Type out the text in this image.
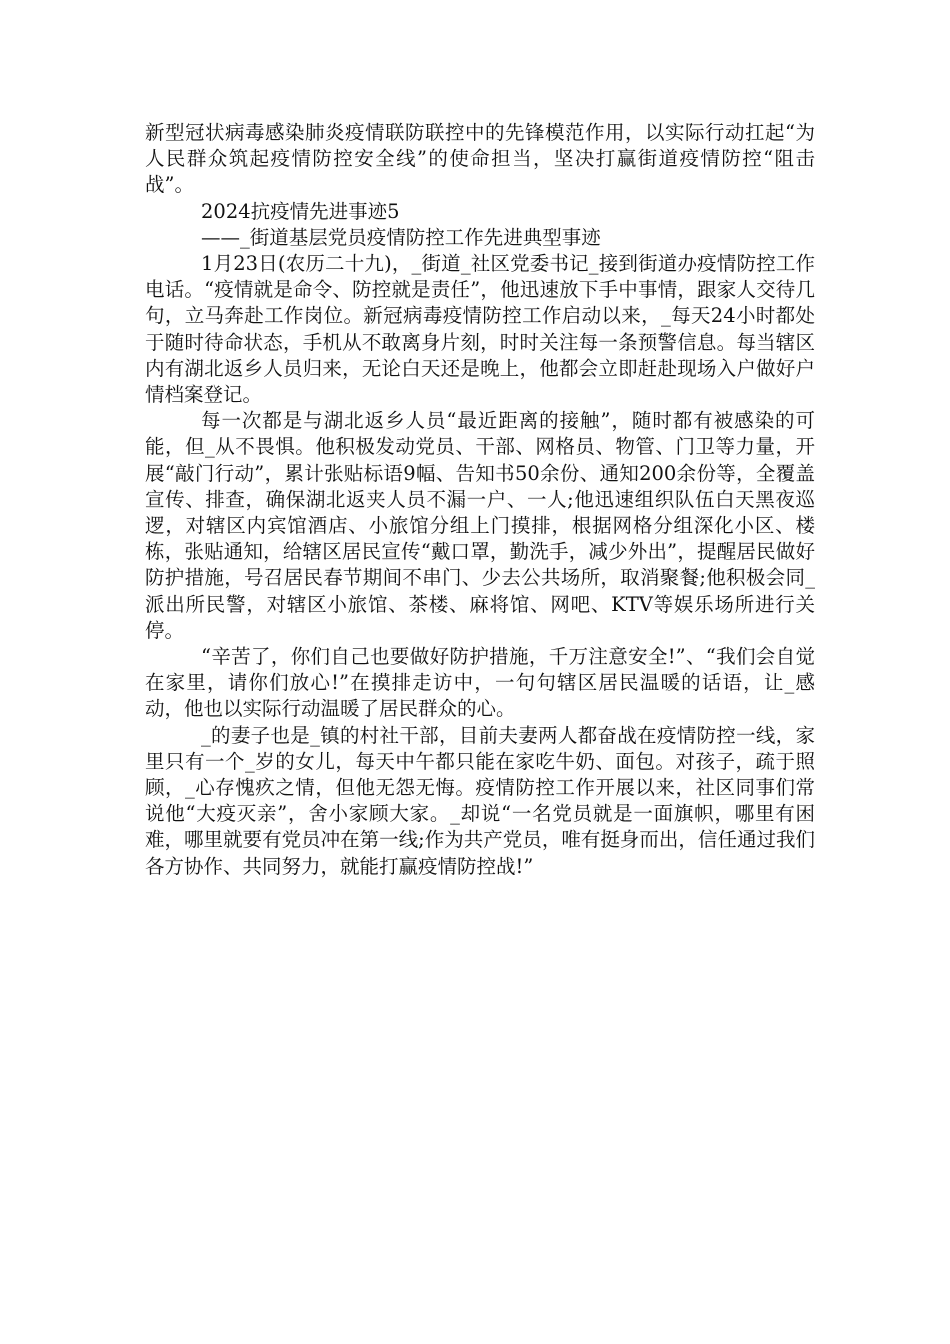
新型冠状病毒感染肺炎疫情联防联控中的先锋模范作用，以实际行动扛起“为人民群众筑起疫情防控安全线”的使命担当，坚决打赢街道疫情防控“阻击战”。

2024抗疫情先进事迹5

——_街道基层党员疫情防控工作先进典型事迹

1月23日(农历二十九)，_街道_社区党委书记_接到街道办疫情防控工作电话。“疫情就是命令、防控就是责任”，他迅速放下手中事情，跟家人交待几句，立马奔赴工作岗位。新冠病毒疫情防控工作启动以来，_每天24小时都处于随时待命状态，手机从不敢离身片刻，时时关注每一条预警信息。每当辖区内有湖北返乡人员归来，无论白天还是晚上，他都会立即赶赴现场入户做好户情档案登记。

每一次都是与湖北返乡人员“最近距离的接触”，随时都有被感染的可能，但_从不畏惧。他积极发动党员、干部、网格员、物管、门卫等力量，开展“敲门行动”，累计张贴标语9幅、告知书50余份、通知200余份等，全覆盖宣传、排查，确保湖北返夹人员不漏一户、一人;他迅速组织队伍白天黑夜巡逻，对辖区内宾馆酒店、小旅馆分组上门摸排，根据网格分组深化小区、楼栋，张贴通知，给辖区居民宣传“戴口罩，勤洗手，减少外出”，提醒居民做好防护措施，号召居民春节期间不串门、少去公共场所，取消聚餐;他积极会同_派出所民警，对辖区小旅馆、茶楼、麻将馆、网吧、KTV等娱乐场所进行关停。

“辛苦了，你们自己也要做好防护措施，千万注意安全!”、“我们会自觉在家里，请你们放心!”在摸排走访中，一句句辖区居民温暖的话语，让_感动，他也以实际行动温暖了居民群众的心。

_的妻子也是_镇的村社干部，目前夫妻两人都奋战在疫情防控一线，家里只有一个_岁的女儿，每天中午都只能在家吃牛奶、面包。对孩子，疏于照顾，_心存愧疚之情，但他无怨无悔。疫情防控工作开展以来，社区同事们常说他“大疫灭亲”，舍小家顾大家。_却说“一名党员就是一面旗帜，哪里有困难，哪里就要有党员冲在第一线;作为共产党员，唯有挺身而出，信任通过我们各方协作、共同努力，就能打赢疫情防控战!”
